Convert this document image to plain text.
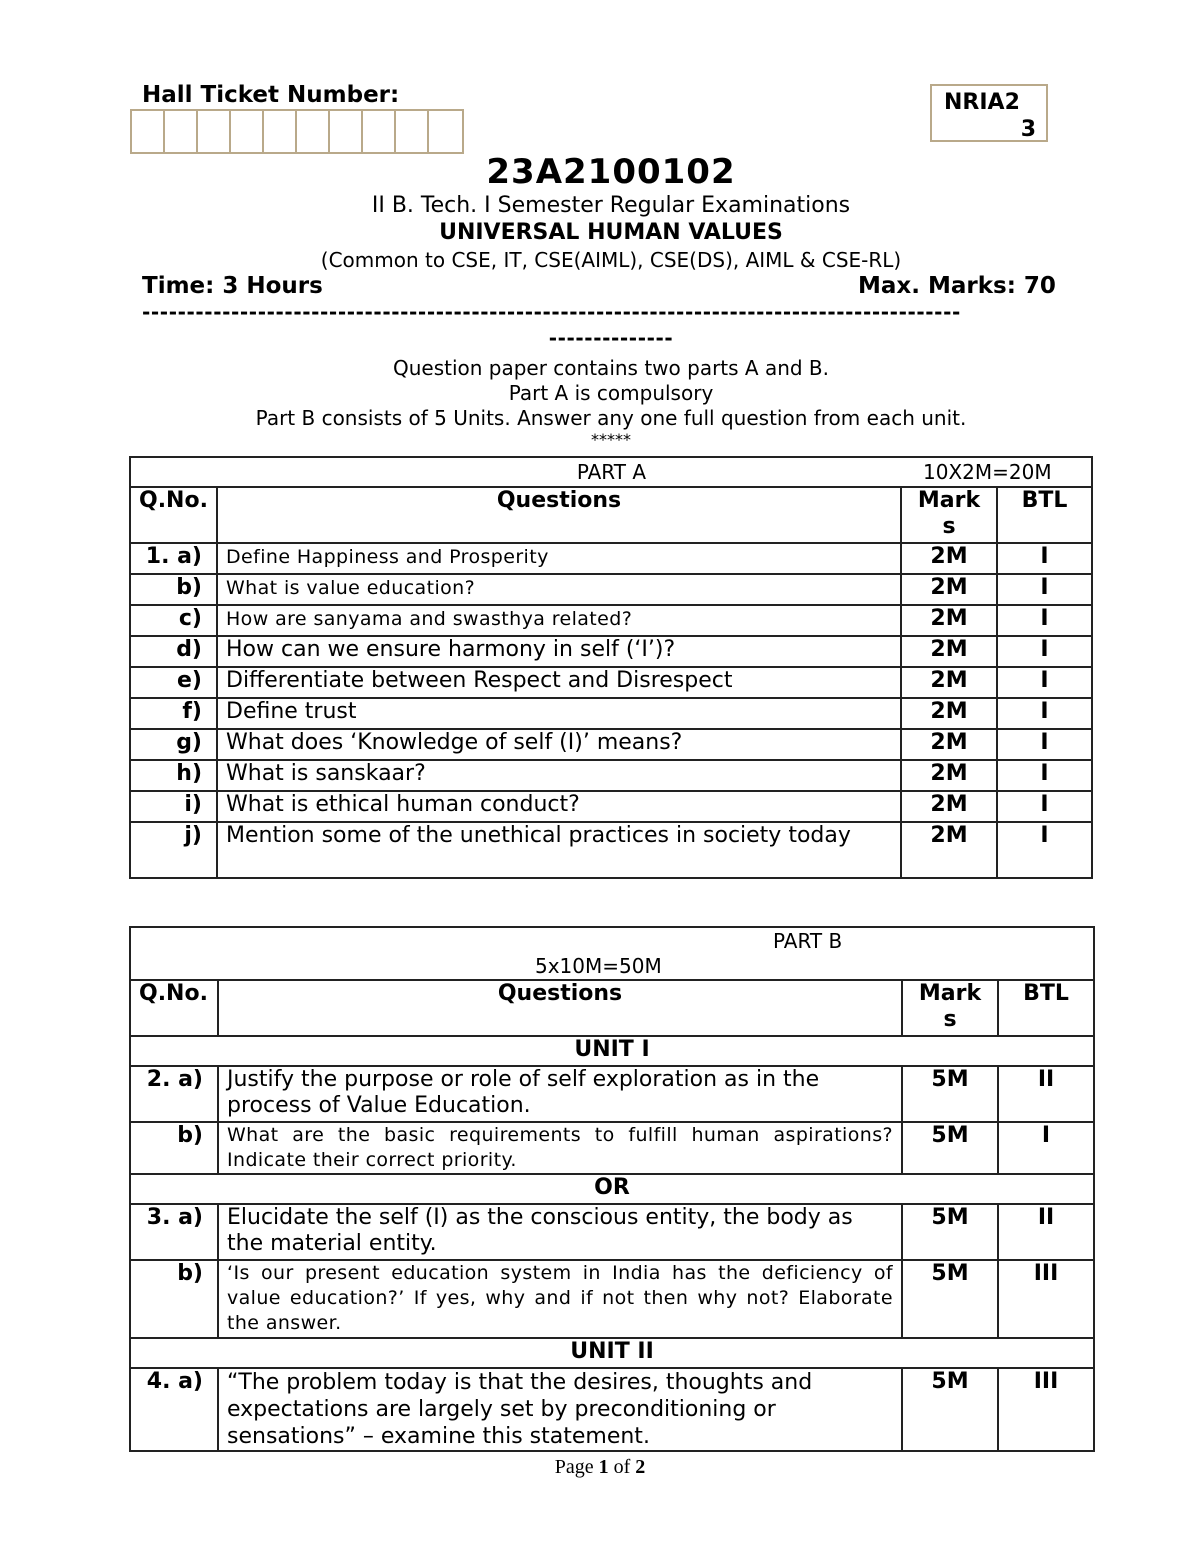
Hall Ticket Number:	NRIA2
3
23A2100102
II B. Tech. I Semester Regular Examinations
UNIVERSAL HUMAN VALUES
(Common to CSE, IT, CSE(AIML), CSE(DS), AIML & CSE-RL)
Time: 3 Hours	Max. Marks: 70
--------------------------------------------------------------------------------------------
--------------
Question paper contains two parts A and B.
Part A is compulsory
Part B consists of 5 Units. Answer any one full question from each unit.
*****
PART A		10X2M=20M	
Q.No.	Questions	Marks	BTL
1. a)	Define Happiness and Prosperity	2M	I
b)	What is value education?	2M	I
c)	How are sanyama and swasthya related?	2M	I
d)	How can we ensure harmony in self (‘I’)?	2M	I
e)	Differentiate between Respect and Disrespect	2M	I
f)	Define trust	2M	I
g)	What does ‘Knowledge of self (I)’ means?	2M	I
h)	What is sanskaar?	2M	I
i)	What is ethical human conduct?	2M	I
j)	Mention some of the unethical practices in society today	2M	I
PART B
5x10M=50M			

Q.No.	Questions	Marks	BTL
UNIT I			
2. a)	Justify the purpose or role of self exploration as in the process of Value Education.	5M	II
b)	What are the basic requirements to fulfill human aspirations? Indicate their correct priority.	5M	I
OR			
3. a)	Elucidate the self (I) as the conscious entity, the body as the material entity.	5M	II
b)	‘Is our present education system in India has the deficiency of value education?’ If yes, why and if not then why not? Elaborate the answer.	5M	III
UNIT II			
4. a)	“The problem today is that the desires, thoughts and expectations are largely set by preconditioning or sensations” – examine this statement.	5M	III
Page 1 of 2
